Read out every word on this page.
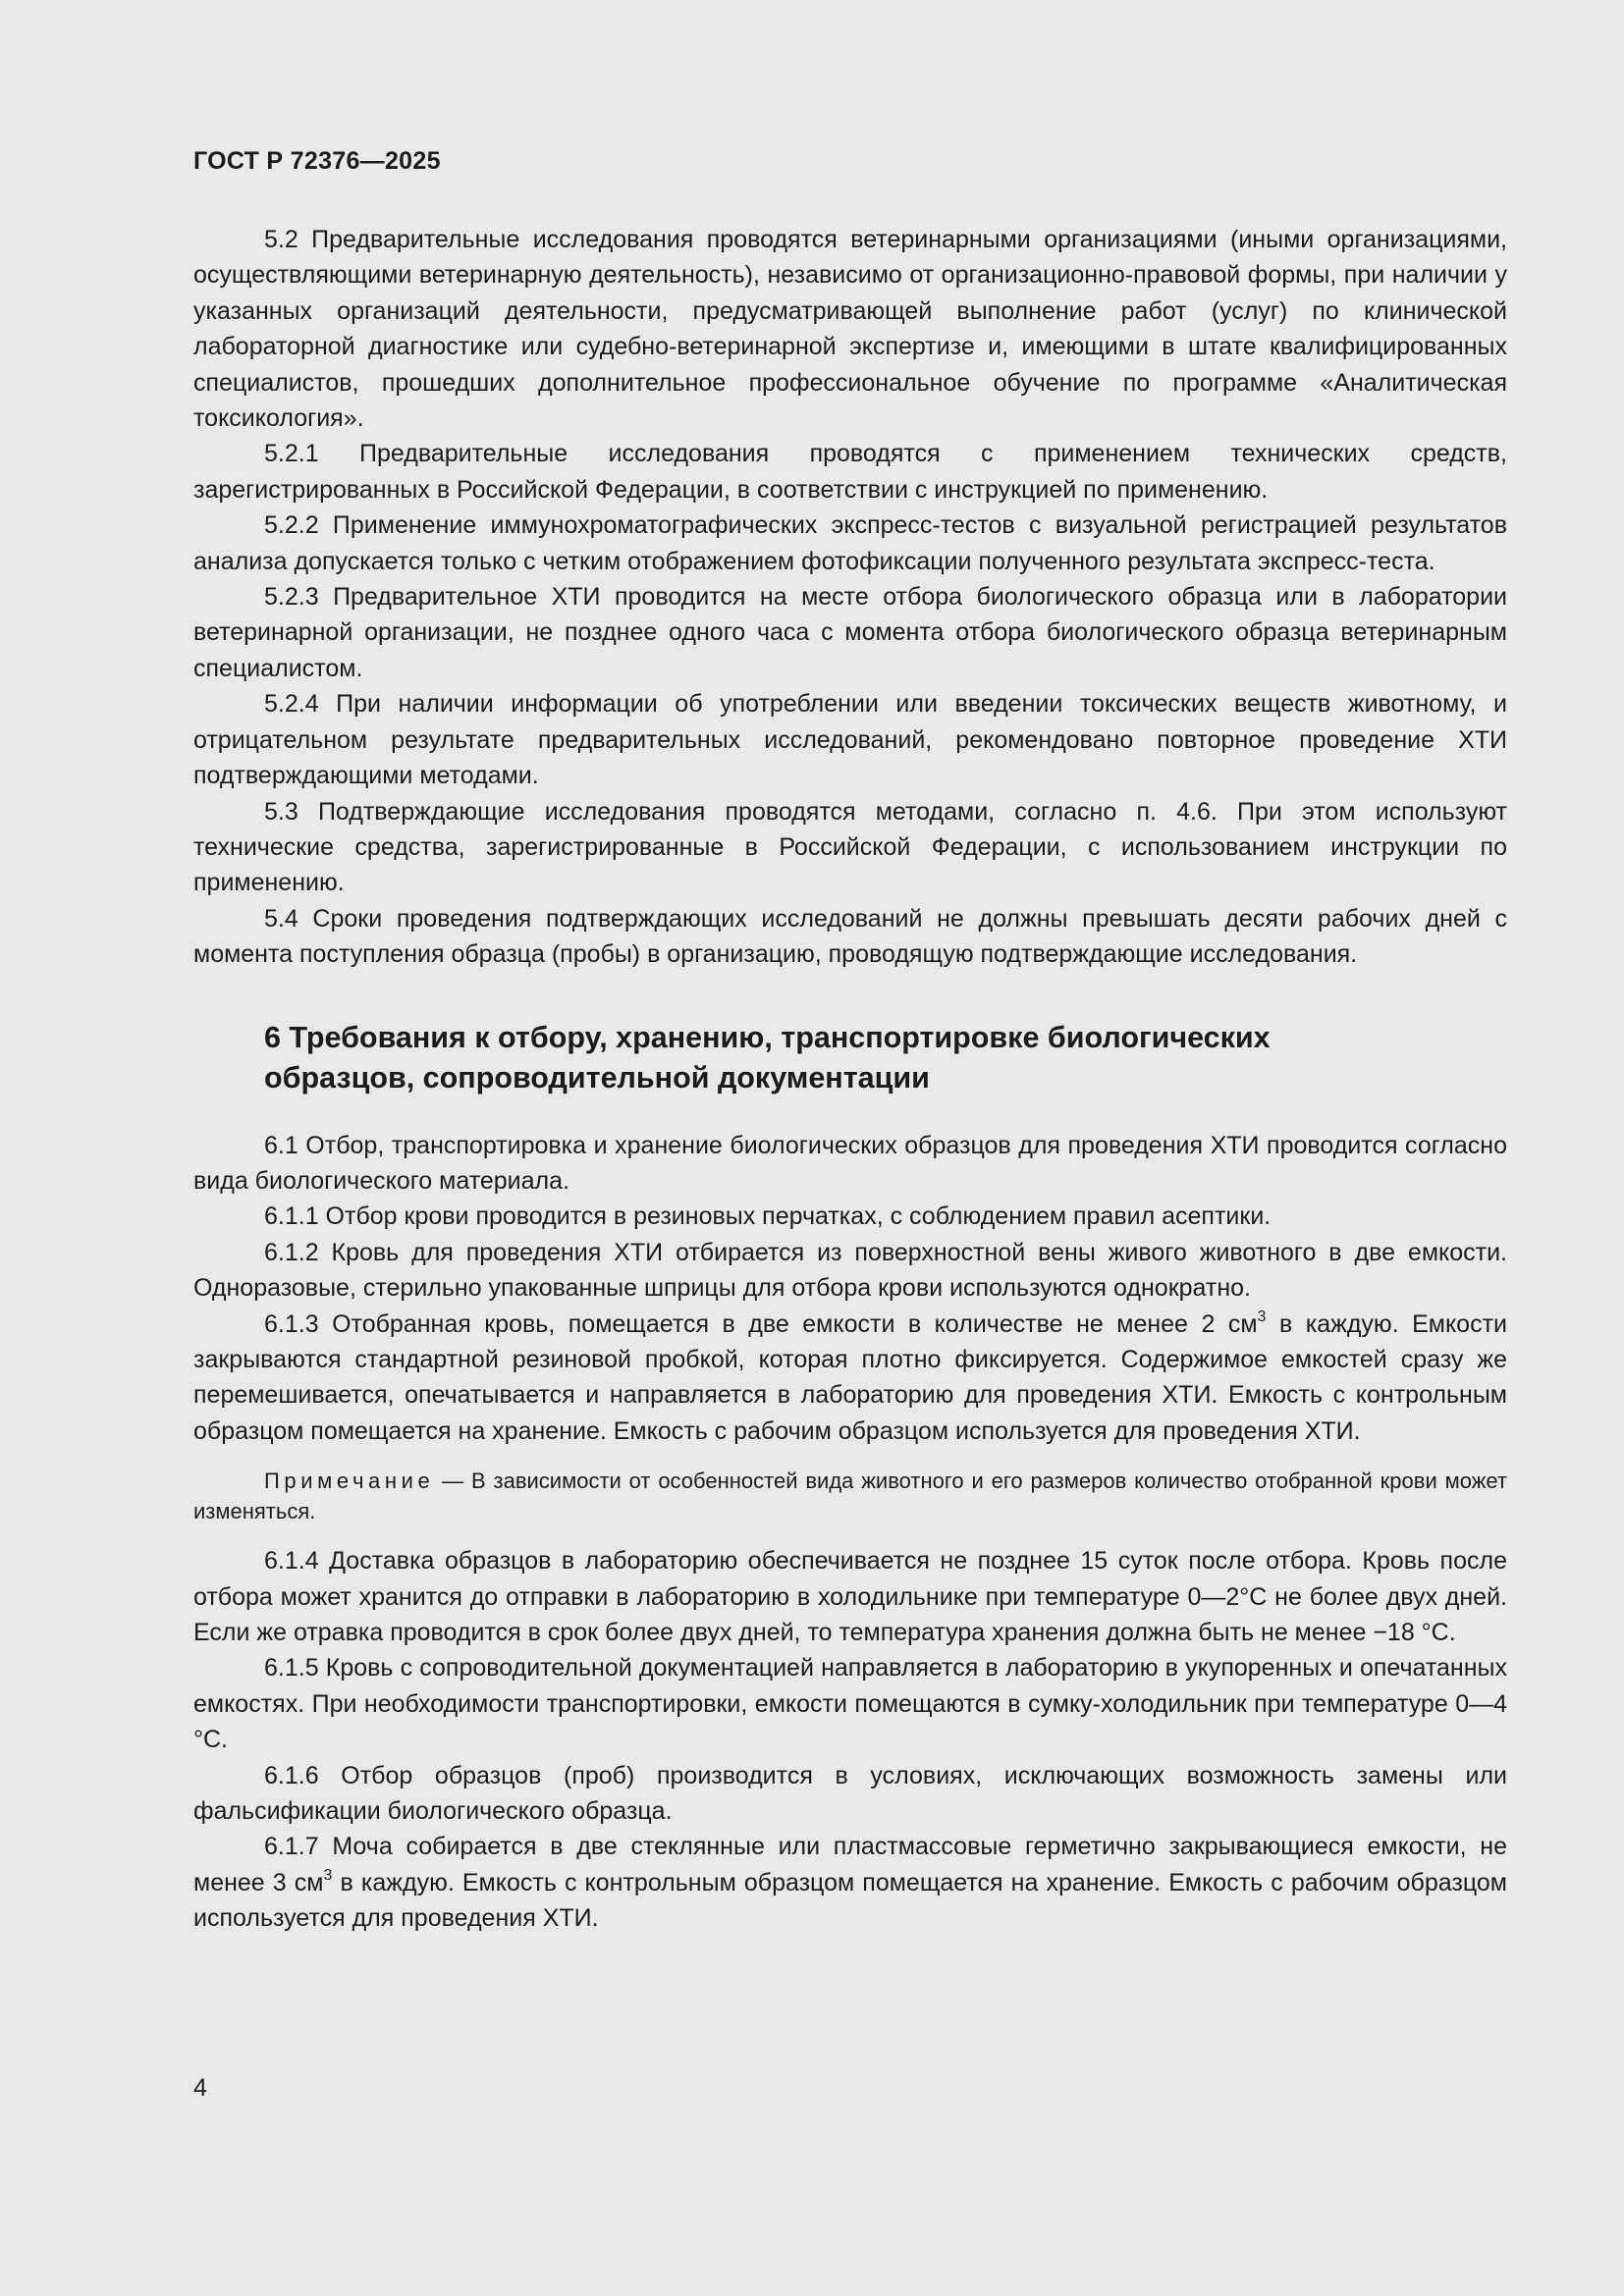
ГОСТ Р 72376—2025

5.2 Предварительные исследования проводятся ветеринарными организациями (иными организациями, осуществляющими ветеринарную деятельность), независимо от организационно-правовой формы, при наличии у указанных организаций деятельности, предусматривающей выполнение работ (услуг) по клинической лабораторной диагностике или судебно-ветеринарной экспертизе и, имеющими в штате квалифицированных специалистов, прошедших дополнительное профессиональное обучение по программе «Аналитическая токсикология».

5.2.1 Предварительные исследования проводятся с применением технических средств, зарегистрированных в Российской Федерации, в соответствии с инструкцией по применению.

5.2.2 Применение иммунохроматографических экспресс-тестов с визуальной регистрацией результатов анализа допускается только с четким отображением фотофиксации полученного результата экспресс-теста.

5.2.3 Предварительное ХТИ проводится на месте отбора биологического образца или в лаборатории ветеринарной организации, не позднее одного часа с момента отбора биологического образца ветеринарным специалистом.

5.2.4 При наличии информации об употреблении или введении токсических веществ животному, и отрицательном результате предварительных исследований, рекомендовано повторное проведение ХТИ подтверждающими методами.

5.3 Подтверждающие исследования проводятся методами, согласно п. 4.6. При этом используют технические средства, зарегистрированные в Российской Федерации, с использованием инструкции по применению.

5.4 Сроки проведения подтверждающих исследований не должны превышать десяти рабочих дней с момента поступления образца (пробы) в организацию, проводящую подтверждающие исследования.

6 Требования к отбору, хранению, транспортировке биологических
образцов, сопроводительной документации

6.1 Отбор, транспортировка и хранение биологических образцов для проведения ХТИ проводится согласно вида биологического материала.

6.1.1 Отбор крови проводится в резиновых перчатках, с соблюдением правил асептики.

6.1.2 Кровь для проведения ХТИ отбирается из поверхностной вены живого животного в две емкости. Одноразовые, стерильно упакованные шприцы для отбора крови используются однократно.

6.1.3 Отобранная кровь, помещается в две емкости в количестве не менее 2 $см^3$ в каждую. Емкости закрываются стандартной резиновой пробкой, которая плотно фиксируется. Содержимое емкостей сразу же перемешивается, опечатывается и направляется в лабораторию для проведения ХТИ. Емкость с контрольным образцом помещается на хранение. Емкость с рабочим образцом используется для проведения ХТИ.

Примечание — В зависимости от особенностей вида животного и его размеров количество отобранной крови может изменяться.

6.1.4 Доставка образцов в лабораторию обеспечивается не позднее 15 суток после отбора. Кровь после отбора может хранится до отправки в лабораторию в холодильнике при температуре 0—2°С не более двух дней. Если же отравка проводится в срок более двух дней, то температура хранения должна быть не менее −18 °С.

6.1.5 Кровь с сопроводительной документацией направляется в лабораторию в укупоренных и опечатанных емкостях. При необходимости транспортировки, емкости помещаются в сумку-холодильник при температуре 0—4 °С.

6.1.6 Отбор образцов (проб) производится в условиях, исключающих возможность замены или фальсификации биологического образца.

6.1.7 Моча собирается в две стеклянные или пластмассовые герметично закрывающиеся емкости, не менее 3 $см^3$ в каждую. Емкость с контрольным образцом помещается на хранение. Емкость с рабочим образцом используется для проведения ХТИ.

4
